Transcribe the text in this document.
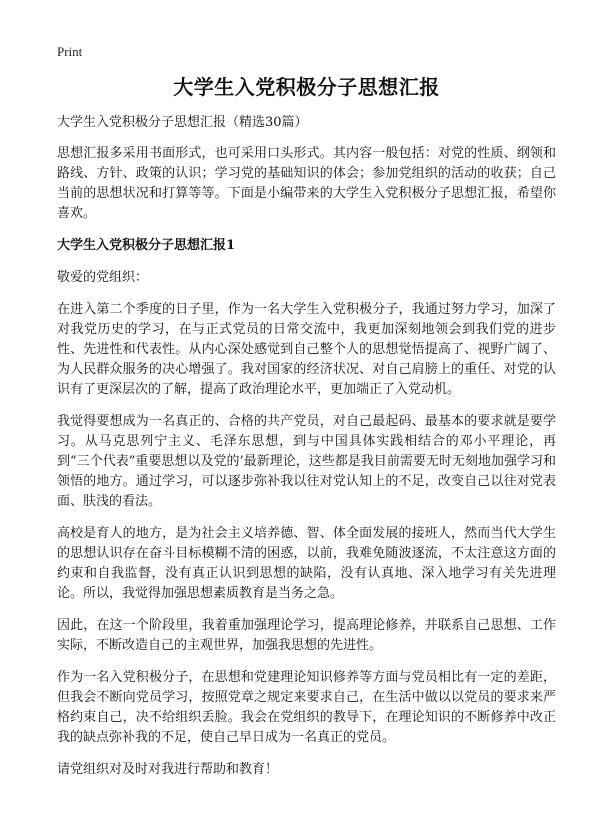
Print
大学生入党积极分子思想汇报

大学生入党积极分子思想汇报（精选30篇）

思想汇报多采用书面形式，也可采用口头形式。其内容一般包括：对党的性质、纲领和路线、方针、政策的认识；学习党的基础知识的体会；参加党组织的活动的收获；自己当前的思想状况和打算等等。下面是小编带来的大学生入党积极分子思想汇报，希望你喜欢。

大学生入党积极分子思想汇报1

敬爱的党组织：

在进入第二个季度的日子里，作为一名大学生入党积极分子，我通过努力学习，加深了对我党历史的学习，在与正式党员的日常交流中，我更加深刻地领会到我们党的进步性、先进性和代表性。从内心深处感觉到自己整个人的思想觉悟提高了、视野广阔了、为人民群众服务的决心增强了。我对国家的经济状况、对自己肩膀上的重任、对党的认识有了更深层次的了解，提高了政治理论水平，更加端正了入党动机。

我觉得要想成为一名真正的、合格的共产党员，对自己最起码、最基本的要求就是要学习。从马克思列宁主义、毛泽东思想，到与中国具体实践相结合的邓小平理论，再到“三个代表”重要思想以及党的’最新理论，这些都是我目前需要无时无刻地加强学习和领悟的地方。通过学习，可以逐步弥补我以往对党认知上的不足，改变自己以往对党表面、肤浅的看法。

高校是育人的地方，是为社会主义培养德、智、体全面发展的接班人，然而当代大学生的思想认识存在奋斗目标模糊不清的困惑，以前，我难免随波逐流，不太注意这方面的约束和自我监督，没有真正认识到思想的缺陷，没有认真地、深入地学习有关先进理论。所以，我觉得加强思想素质教育是当务之急。

因此，在这一个阶段里，我着重加强理论学习，提高理论修养，并联系自己思想、工作实际，不断改造自己的主观世界，加强我思想的先进性。

作为一名入党积极分子，在思想和党建理论知识修养等方面与党员相比有一定的差距，但我会不断向党员学习，按照党章之规定来要求自己，在生活中做以以党员的要求来严格约束自己，决不给组织丢脸。我会在党组织的教导下，在理论知识的不断修养中改正我的缺点弥补我的不足，使自己早日成为一名真正的党员。

请党组织对及时对我进行帮助和教育！
